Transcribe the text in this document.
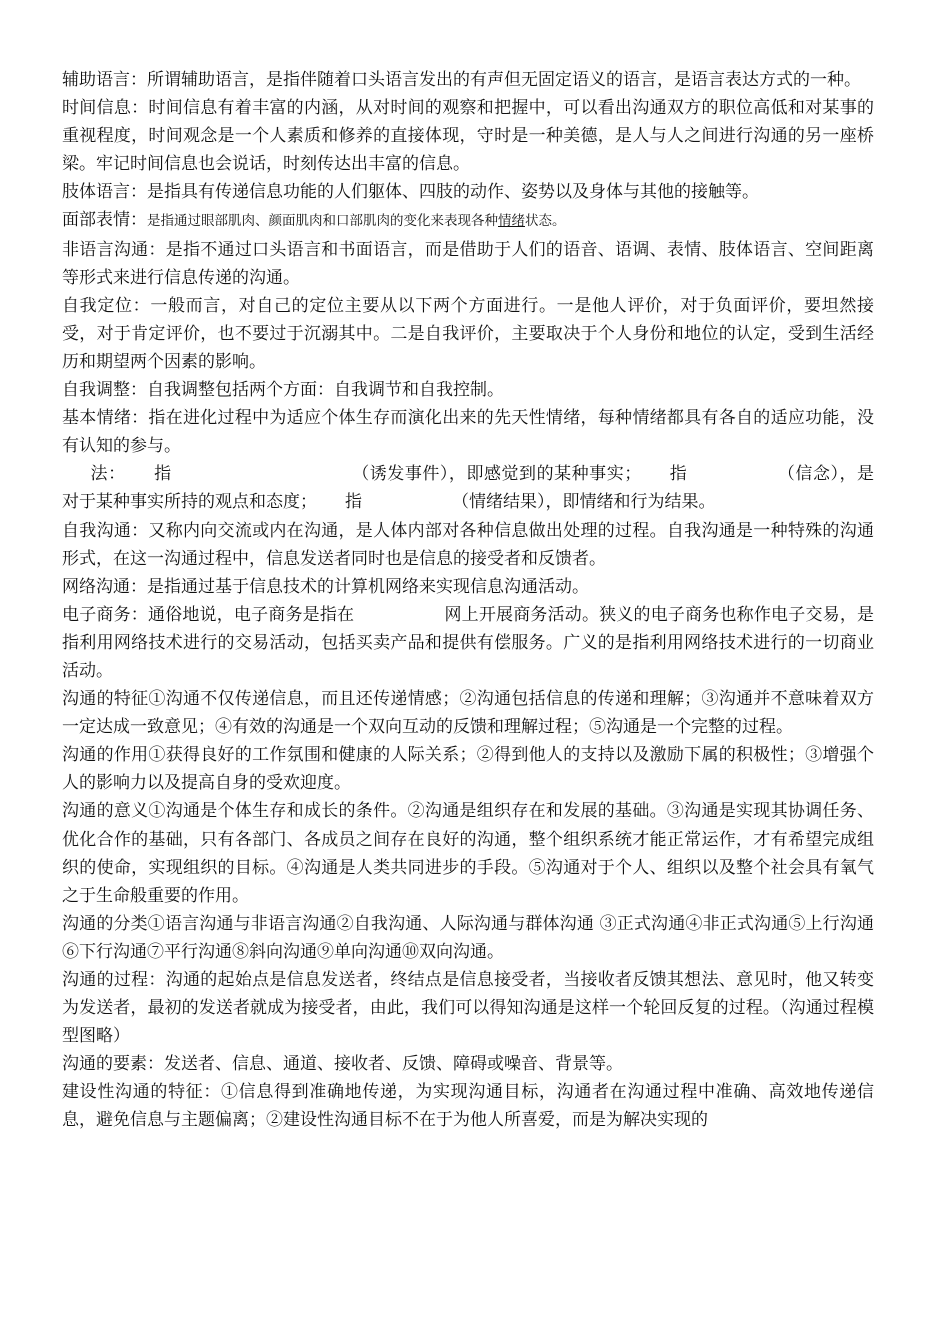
辅助语言：所谓辅助语言，是指伴随着口头语言发出的有声但无固定语义的语言，是语言表达方式的一种。

时间信息：时间信息有着丰富的内涵，从对时间的观察和把握中，可以看出沟通双方的职位高低和对某事的重视程度，时间观念是一个人素质和修养的直接体现，守时是一种美德，是人与人之间进行沟通的另一座桥梁。牢记时间信息也会说话，时刻传达出丰富的信息。

肢体语言：是指具有传递信息功能的人们躯体、四肢的动作、姿势以及身体与其他的接触等。

面部表情：是指通过眼部肌肉、颜面肌肉和口部肌肉的变化来表现各种情绪状态。

非语言沟通：是指不通过口头语言和书面语言，而是借助于人们的语音、语调、表情、肢体语言、空间距离等形式来进行信息传递的沟通。

自我定位：一般而言，对自己的定位主要从以下两个方面进行。一是他人评价，对于负面评价，要坦然接受，对于肯定评价，也不要过于沉溺其中。二是自我评价，主要取决于个人身份和地位的认定，受到生活经历和期望两个因素的影响。

自我调整：自我调整包括两个方面：自我调节和自我控制。

基本情绪：指在进化过程中为适应个体生存而演化出来的先天性情绪，每种情绪都具有各自的适应功能，没有认知的参与。

法： 指	（诱发事件），即感觉到的某种事实； 指	（信念），是对于某种事实所持的观点和态度； 指	（情绪结果），即情绪和行为结果。

自我沟通：又称内向交流或内在沟通，是人体内部对各种信息做出处理的过程。自我沟通是一种特殊的沟通形式，在这一沟通过程中，信息发送者同时也是信息的接受者和反馈者。

网络沟通：是指通过基于信息技术的计算机网络来实现信息沟通活动。

电子商务：通俗地说，电子商务是指在	网上开展商务活动。狭义的电子商务也称作电子交易，是指利用网络技术进行的交易活动，包括买卖产品和提供有偿服务。广义的是指利用网络技术进行的一切商业活动。

沟通的特征①沟通不仅传递信息，而且还传递情感；②沟通包括信息的传递和理解；③沟通并不意味着双方一定达成一致意见；④有效的沟通是一个双向互动的反馈和理解过程；⑤沟通是一个完整的过程。

沟通的作用①获得良好的工作氛围和健康的人际关系；②得到他人的支持以及激励下属的积极性；③增强个人的影响力以及提高自身的受欢迎度。

沟通的意义①沟通是个体生存和成长的条件。②沟通是组织存在和发展的基础。③沟通是实现其协调任务、优化合作的基础，只有各部门、各成员之间存在良好的沟通，整个组织系统才能正常运作，才有希望完成组织的使命，实现组织的目标。④沟通是人类共同进步的手段。⑤沟通对于个人、组织以及整个社会具有氧气之于生命般重要的作用。

沟通的分类①语言沟通与非语言沟通②自我沟通、人际沟通与群体沟通 ③正式沟通④非正式沟通⑤上行沟通⑥下行沟通⑦平行沟通⑧斜向沟通⑨单向沟通⑩双向沟通。

沟通的过程：沟通的起始点是信息发送者，终结点是信息接受者，当接收者反馈其想法、意见时，他又转变为发送者，最初的发送者就成为接受者，由此，我们可以得知沟通是这样一个轮回反复的过程。（沟通过程模型图略）

沟通的要素：发送者、信息、通道、接收者、反馈、障碍或噪音、背景等。

建设性沟通的特征：①信息得到准确地传递，为实现沟通目标，沟通者在沟通过程中准确、高效地传递信息，避免信息与主题偏离；②建设性沟通目标不在于为他人所喜爱，而是为解决实现的
